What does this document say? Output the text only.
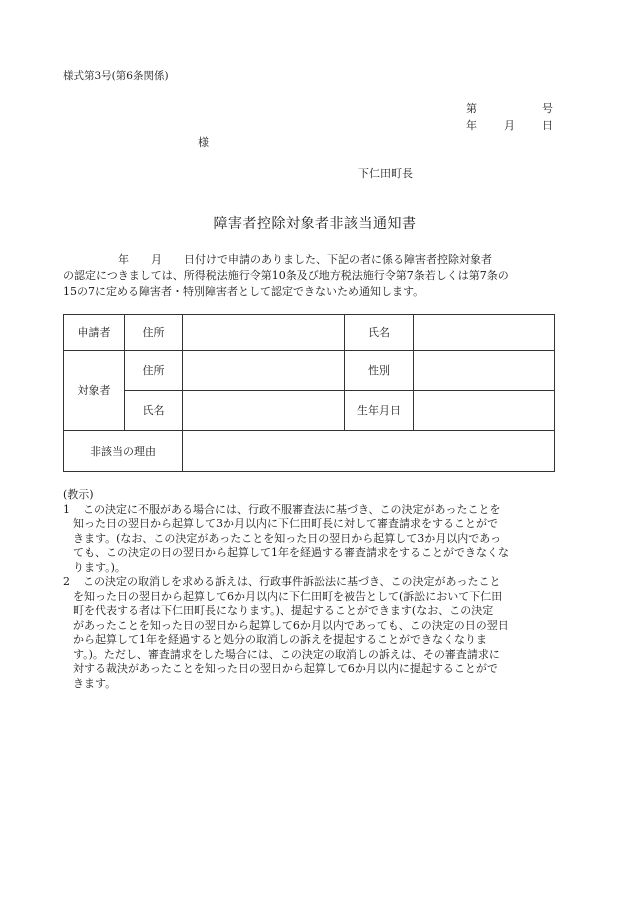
様式第3号(第6条関係)
第	号
年 月 日
様
下仁田町長
障害者控除対象者非該当通知書
　　　　　年　　月　　日付けで申請のありました、下記の者に係る障害者控除対象者
の認定につきましては、所得税法施行令第10条及び地方税法施行令第7条若しくは第7条の
15の7に定める障害者・特別障害者として認定できないため通知します。
申請者	住所		氏名	
対象者	住所		性別	
	氏名		生年月日	
非該当の理由				
(教示)
1	この決定に不服がある場合には、行政不服審査法に基づき、この決定があったことを
知った日の翌日から起算して3か月以内に下仁田町長に対して審査請求をすることがで
きます。(なお、この決定があったことを知った日の翌日から起算して3か月以内であっ
ても、この決定の日の翌日から起算して1年を経過する審査請求をすることができなくな
ります。)。
2	この決定の取消しを求める訴えは、行政事件訴訟法に基づき、この決定があったこと
を知った日の翌日から起算して6か月以内に下仁田町を被告として(訴訟において下仁田
町を代表する者は下仁田町長になります。)、提起することができます(なお、この決定
があったことを知った日の翌日から起算して6か月以内であっても、この決定の日の翌日
から起算して1年を経過すると処分の取消しの訴えを提起することができなくなりま
す。)。ただし、審査請求をした場合には、この決定の取消しの訴えは、その審査請求に
対する裁決があったことを知った日の翌日から起算して6か月以内に提起することがで
きます。
